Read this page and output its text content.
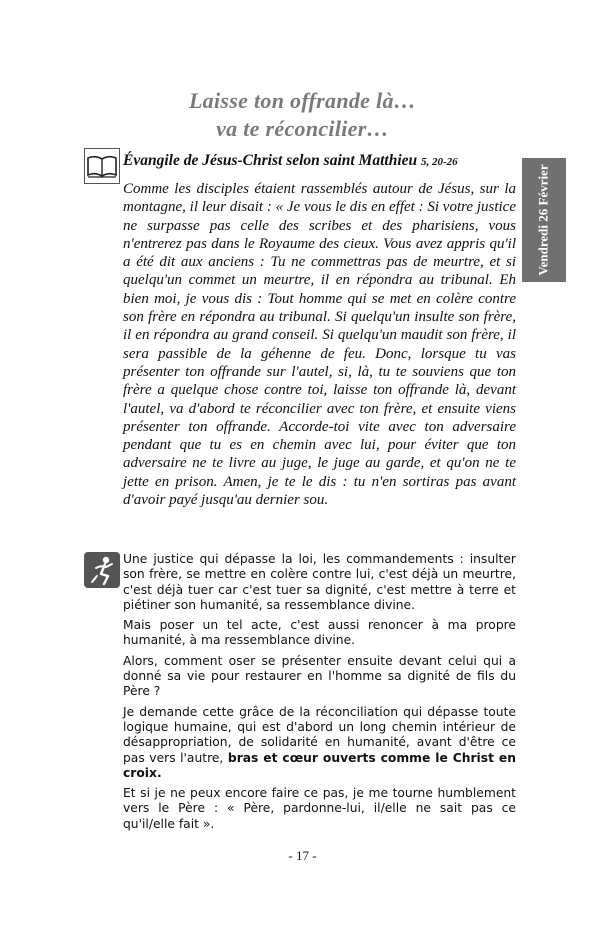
Laisse ton offrande là…
va te réconcilier…
Vendredi 26 Février
Évangile de Jésus-Christ selon saint Matthieu 5, 20-26

Comme les disciples étaient rassemblés autour de Jésus, sur la montagne, il leur disait : « Je vous le dis en effet : Si votre justice ne surpasse pas celle des scribes et des pharisiens, vous n'entrerez pas dans le Royaume des cieux. Vous avez appris qu'il a été dit aux anciens : Tu ne commettras pas de meurtre, et si quelqu'un commet un meurtre, il en répondra au tribunal. Eh bien moi, je vous dis : Tout homme qui se met en colère contre son frère en répondra au tribunal. Si quelqu'un insulte son frère, il en répondra au grand conseil. Si quelqu'un maudit son frère, il sera passible de la géhenne de feu. Donc, lorsque tu vas présenter ton offrande sur l'autel, si, là, tu te souviens que ton frère a quelque chose contre toi, laisse ton offrande là, devant l'autel, va d'abord te réconcilier avec ton frère, et ensuite viens présenter ton offrande. Accorde-toi vite avec ton adversaire pendant que tu es en chemin avec lui, pour éviter que ton adversaire ne te livre au juge, le juge au garde, et qu'on ne te jette en prison. Amen, je te le dis : tu n'en sortiras pas avant d'avoir payé jusqu'au dernier sou.

Une justice qui dépasse la loi, les commandements : insulter son frère, se mettre en colère contre lui, c'est déjà un meurtre, c'est déjà tuer car c'est tuer sa dignité, c'est mettre à terre et piétiner son humanité, sa ressemblance divine.

Mais poser un tel acte, c'est aussi renoncer à ma propre humanité, à ma ressemblance divine.

Alors, comment oser se présenter ensuite devant celui qui a donné sa vie pour restaurer en l'homme sa dignité de fils du Père ?

Je demande cette grâce de la réconciliation qui dépasse toute logique humaine, qui est d'abord un long chemin intérieur de désappropriation, de solidarité en humanité, avant d'être ce pas vers l'autre, bras et cœur ouverts comme le Christ en croix.

Et si je ne peux encore faire ce pas, je me tourne humblement vers le Père : « Père, pardonne-lui, il/elle ne sait pas ce qu'il/elle fait ».

- 17 -
